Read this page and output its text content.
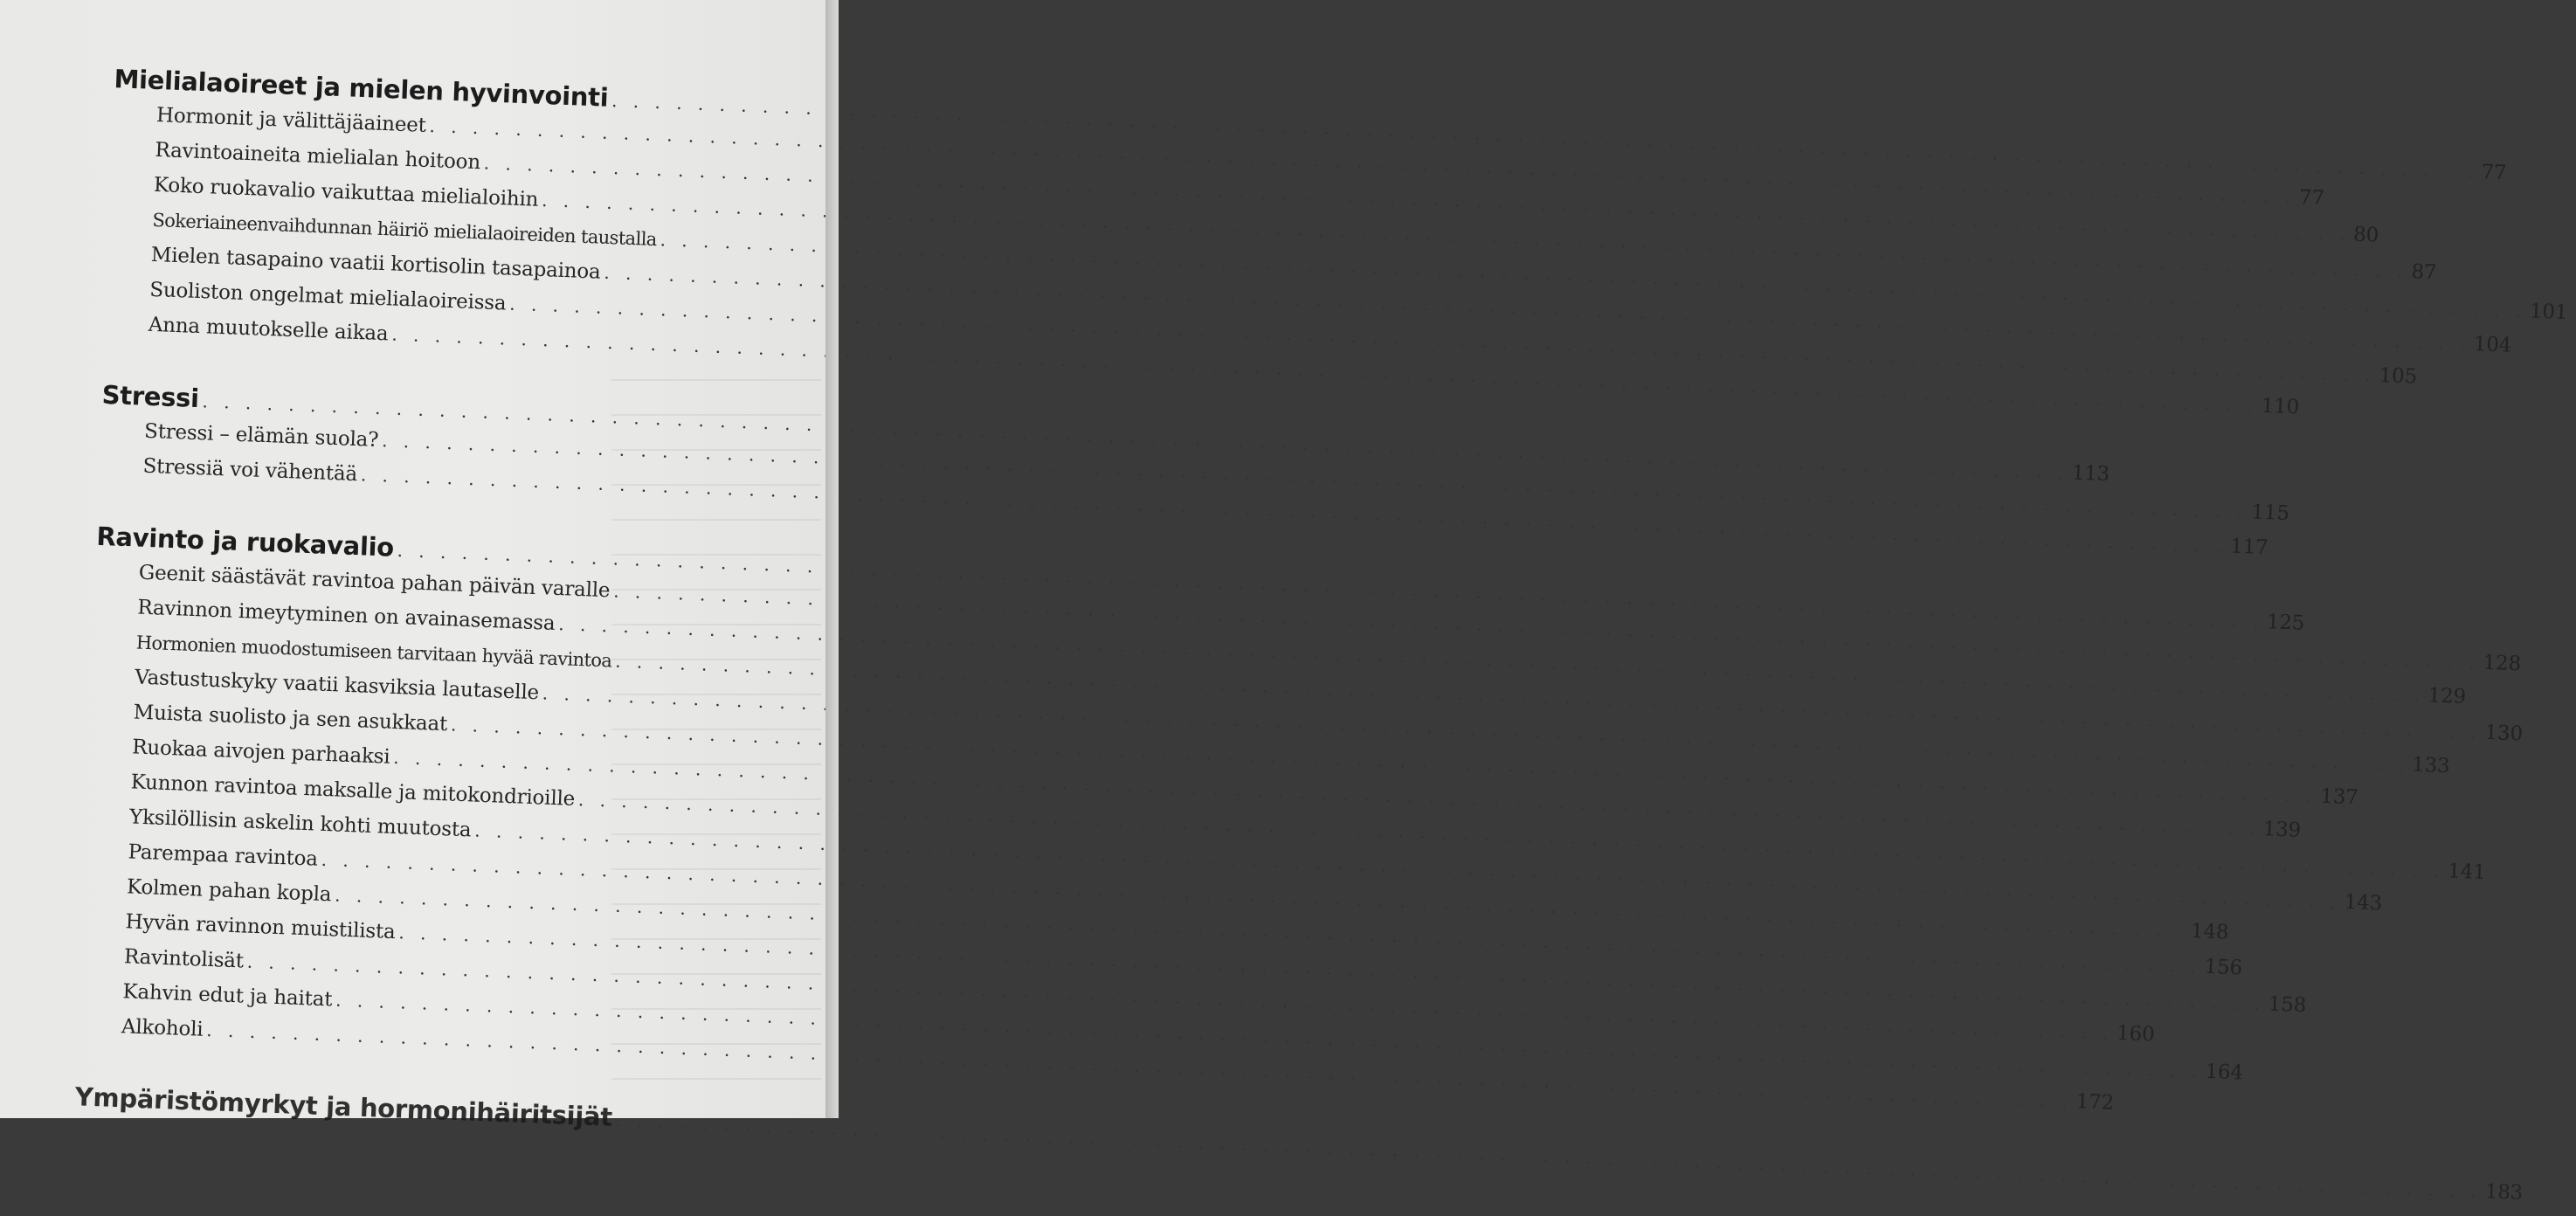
Mielialaoireet ja mielen hyvinvointi
. . .
77
Hormonit ja välittäjäaineet
. . .
77
Ravintoaineita mielialan hoitoon
. . .
80
Koko ruokavalio vaikuttaa mielialoihin
. . .
87
Sokeriaineenvaihdunnan häiriö mielialaoireiden taustalla
. . .
101
Mielen tasapaino vaatii kortisolin tasapainoa
. . .
104
Suoliston ongelmat mielialaoireissa
. . .
105
Anna muutokselle aikaa
. . .
110
Stressi
. . .
113
Stressi – elämän suola?
. . .
115
Stressiä voi vähentää
. . .
117
Ravinto ja ruokavalio
. . .
125
Geenit säästävät ravintoa pahan päivän varalle
. . .
128
Ravinnon imeytyminen on avainasemassa
. . .
129
Hormonien muodostumiseen tarvitaan hyvää ravintoa
. . .
130
Vastustuskyky vaatii kasviksia lautaselle
. . .
133
Muista suolisto ja sen asukkaat
. . .
137
Ruokaa aivojen parhaaksi
. . .
139
Kunnon ravintoa maksalle ja mitokondrioille
. . .
141
Yksilöllisin askelin kohti muutosta
. . .
143
Parempaa ravintoa
. . .
148
Kolmen pahan kopla
. . .
156
Hyvän ravinnon muistilista
. . .
158
Ravintolisät
. . .
160
Kahvin edut ja haitat
. . .
164
Alkoholi
. . .
172
Ympäristömyrkyt ja hormonihäiritsijät
. . .
183
